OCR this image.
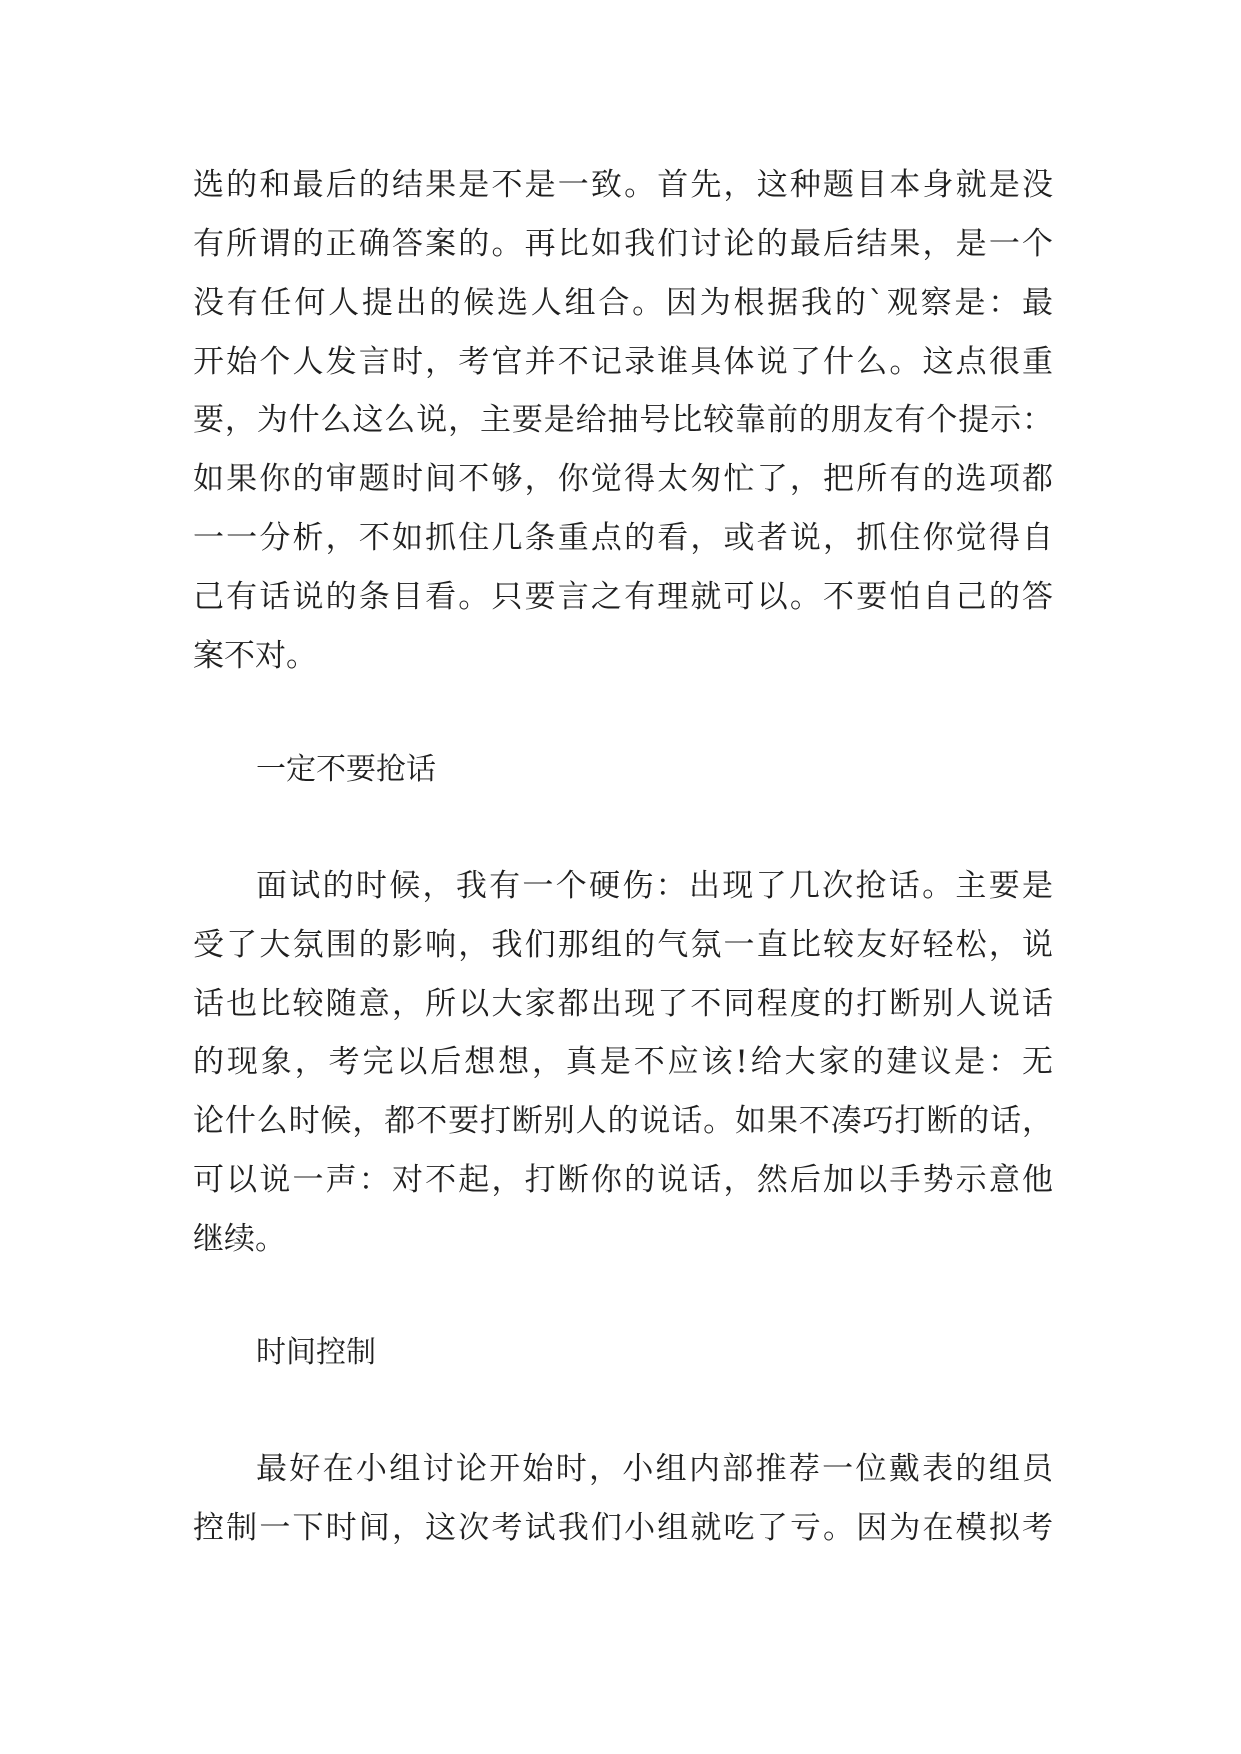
选的和最后的结果是不是一致。首先，这种题目本身就是没
有所谓的正确答案的。再比如我们讨论的最后结果，是一个
没有任何人提出的候选人组合。因为根据我的`观察是：最
开始个人发言时，考官并不记录谁具体说了什么。这点很重
要，为什么这么说，主要是给抽号比较靠前的朋友有个提示：
如果你的审题时间不够，你觉得太匆忙了，把所有的选项都
一一分析，不如抓住几条重点的看，或者说，抓住你觉得自
己有话说的条目看。只要言之有理就可以。不要怕自己的答
案不对。
一定不要抢话
面试的时候，我有一个硬伤：出现了几次抢话。主要是
受了大氛围的影响，我们那组的气氛一直比较友好轻松，说
话也比较随意，所以大家都出现了不同程度的打断别人说话
的现象，考完以后想想，真是不应该!给大家的建议是：无
论什么时候，都不要打断别人的说话。如果不凑巧打断的话，
可以说一声：对不起，打断你的说话，然后加以手势示意他
继续。
时间控制
最好在小组讨论开始时，小组内部推荐一位戴表的组员
控制一下时间，这次考试我们小组就吃了亏。因为在模拟考
